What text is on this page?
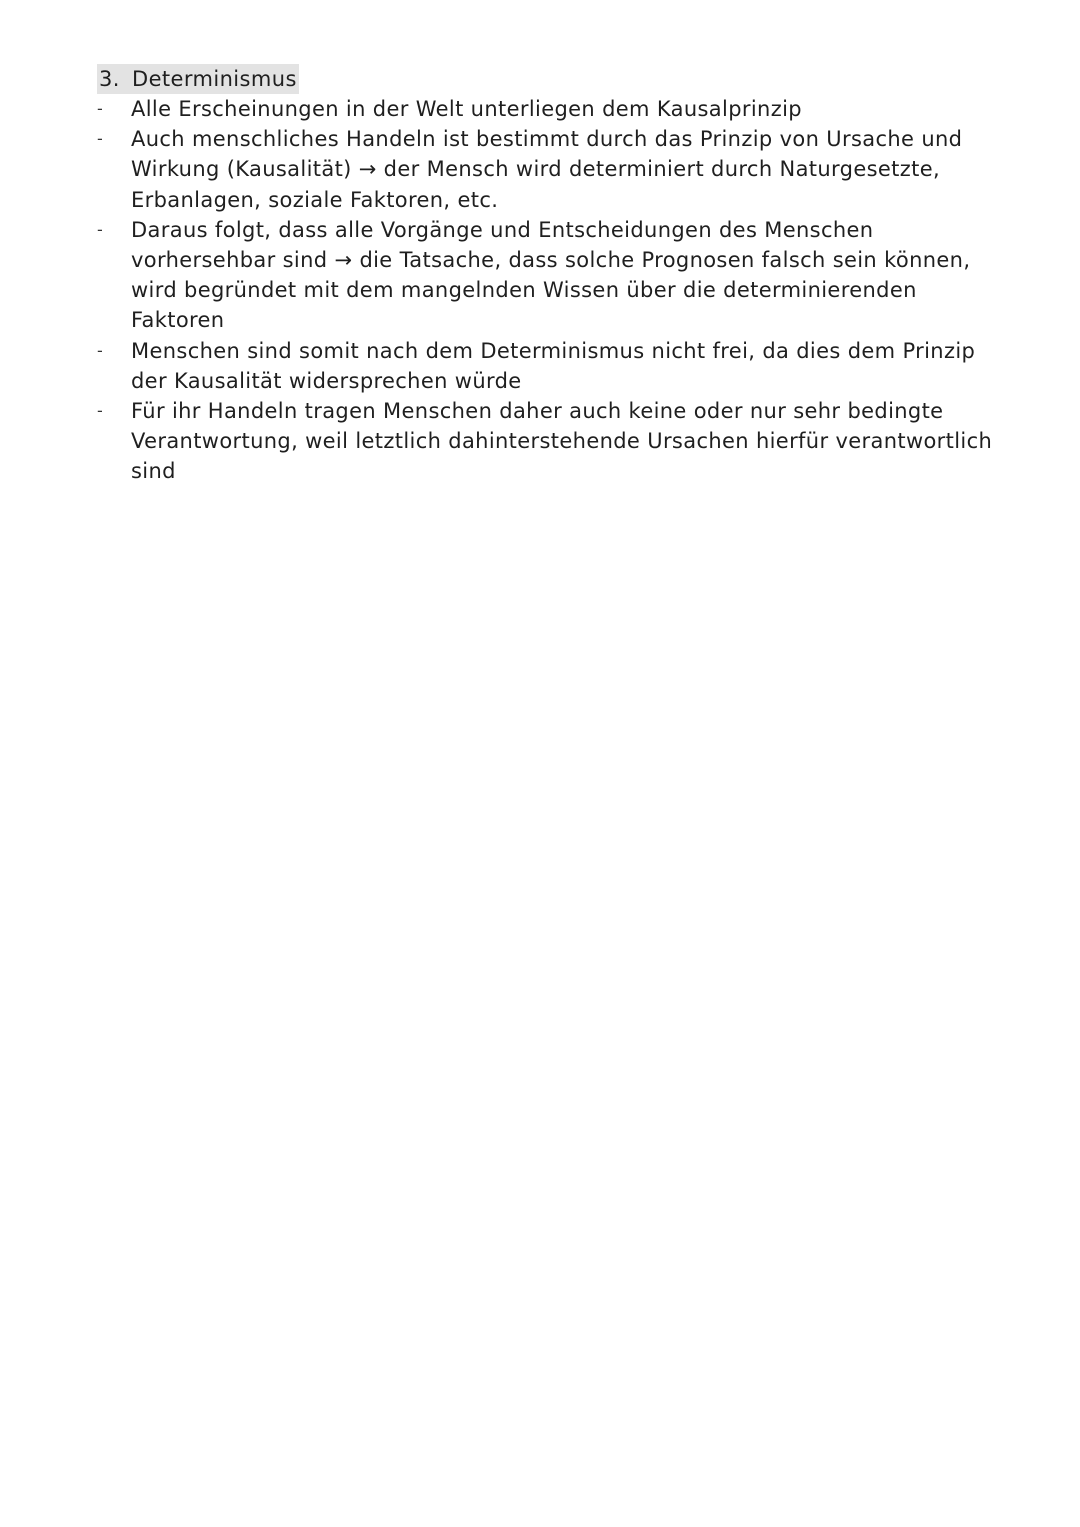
3. Determinismus
-	Alle Erscheinungen in der Welt unterliegen dem Kausalprinzip
-	Auch menschliches Handeln ist bestimmt durch das Prinzip von Ursache und Wirkung (Kausalität) → der Mensch wird determiniert durch Naturgesetzte, Erbanlagen, soziale Faktoren, etc.
-	Daraus folgt, dass alle Vorgänge und Entscheidungen des Menschen vorhersehbar sind → die Tatsache, dass solche Prognosen falsch sein können, wird begründet mit dem mangelnden Wissen über die determinierenden Faktoren
-	Menschen sind somit nach dem Determinismus nicht frei, da dies dem Prinzip der Kausalität widersprechen würde
-	Für ihr Handeln tragen Menschen daher auch keine oder nur sehr bedingte Verantwortung, weil letztlich dahinterstehende Ursachen hierfür verantwortlich sind
